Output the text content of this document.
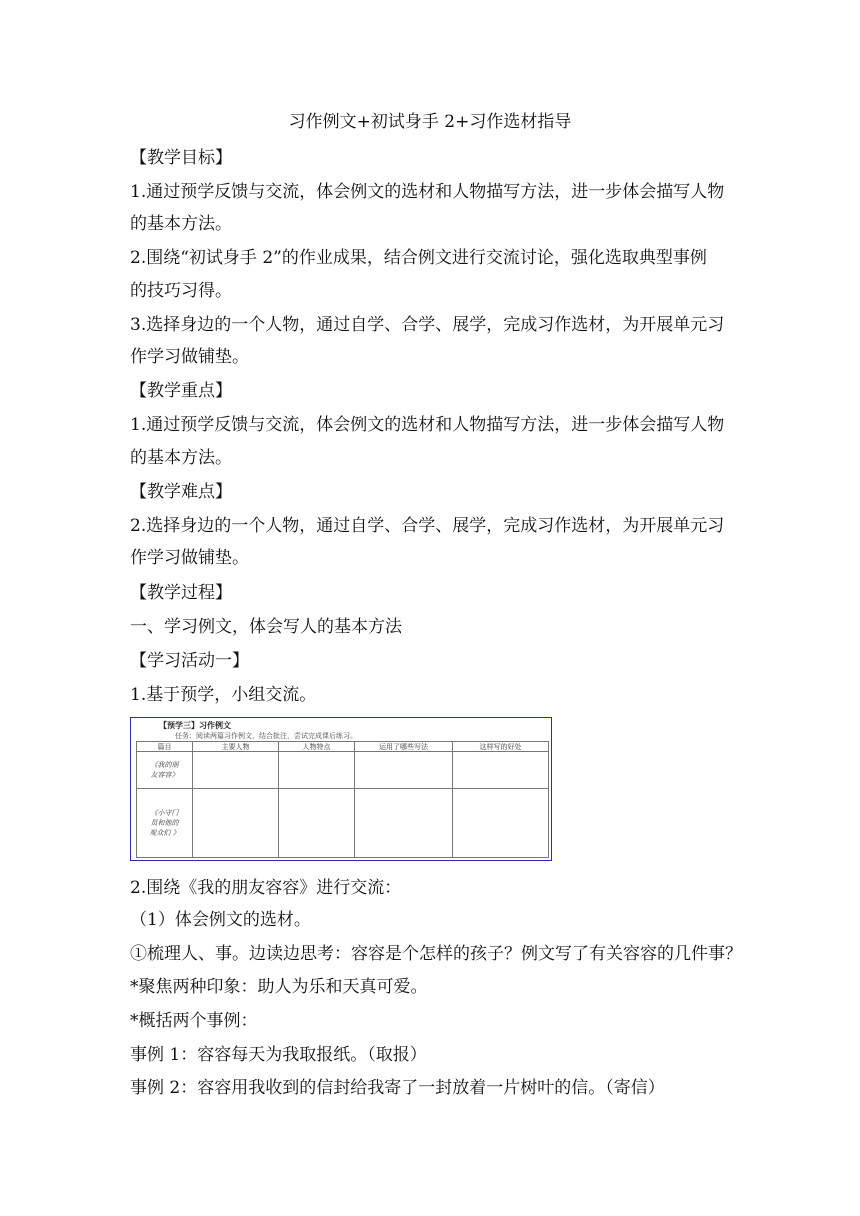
习作例文+初试身手 2+习作选材指导
【教学目标】
1.通过预学反馈与交流，体会例文的选材和人物描写方法，进一步体会描写人物
的基本方法。
2.围绕“初试身手 2”的作业成果，结合例文进行交流讨论，强化选取典型事例
的技巧习得。
3.选择身边的一个人物，通过自学、合学、展学，完成习作选材，为开展单元习
作学习做铺垫。
【教学重点】
1.通过预学反馈与交流，体会例文的选材和人物描写方法，进一步体会描写人物
的基本方法。
【教学难点】
2.选择身边的一个人物，通过自学、合学、展学，完成习作选材，为开展单元习
作学习做铺垫。
【教学过程】
一、学习例文，体会写人的基本方法
【学习活动一】
1.基于预学，小组交流。
【预学三】习作例文
任务：阅读两篇习作例文，结合批注，尝试完成课后练习。
篇目	主要人物	人物特点	运用了哪些写法	这样写的好处

《我的朋
友容容》				

《小守门
员和他的
观众们 》				

2.围绕《我的朋友容容》进行交流：
（1）体会例文的选材。
①梳理人、事。边读边思考：容容是个怎样的孩子？例文写了有关容容的几件事？
*聚焦两种印象：助人为乐和天真可爱。
*概括两个事例：
事例 1：容容每天为我取报纸。（取报）
事例 2：容容用我收到的信封给我寄了一封放着一片树叶的信。（寄信）
